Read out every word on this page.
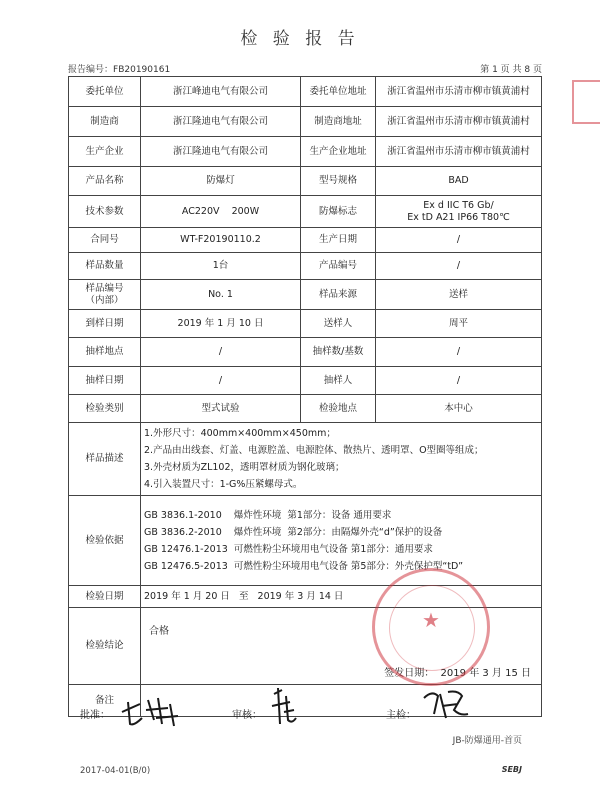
检 验 报 告
报告编号：FB20190161	第 1 页 共 8 页
委托单位	浙江峰迪电气有限公司	委托单位地址	浙江省温州市乐清市柳市镇黄浦村
制造商	浙江隆迪电气有限公司	制造商地址	浙江省温州市乐清市柳市镇黄浦村
生产企业	浙江隆迪电气有限公司	生产企业地址	浙江省温州市乐清市柳市镇黄浦村
产品名称	防爆灯	型号规格	BAD
技术参数	AC220V    200W	防爆标志	Ex d IIC T6 Gb/
Ex tD A21 IP66 T80℃

合同号	WT-F20190110.2	生产日期	/
样品数量	1台	产品编号	/

样品编号
（内部）	No. 1	样品来源	送样
到样日期	2019 年 1 月 10 日	送样人	周平
抽样地点	/	抽样数/基数	/
抽样日期	/	抽样人	/
检验类别	型式试验	检验地点	本中心
样品描述	1.外形尺寸：400mm×400mm×450mm；
2.产品由出线套、灯盖、电源腔盖、电源腔体、散热片、透明罩、O型圈等组成；
3.外壳材质为ZL102，透明罩材质为钢化玻璃；
4.引入装置尺寸：1-G%压紧螺母式。		

检验依据	GB 3836.1-2010    爆炸性环境  第1部分：设备 通用要求
GB 3836.2-2010    爆炸性环境  第2部分：由隔爆外壳“d”保护的设备
GB 12476.1-2013  可燃性粉尘环境用电气设备 第1部分：通用要求
GB 12476.5-2013  可燃性粉尘环境用电气设备 第5部分：外壳保护型“tD”		

检验日期	2019 年 1 月 20 日   至   2019 年 3 月 14 日		
检验结论	合格
签发日期：  2019 年 3 月 15 日		

备注			
★
批准：	审核：	主检：
JB-防爆通用-首页
2017-04-01(B/0)	SEBJ
